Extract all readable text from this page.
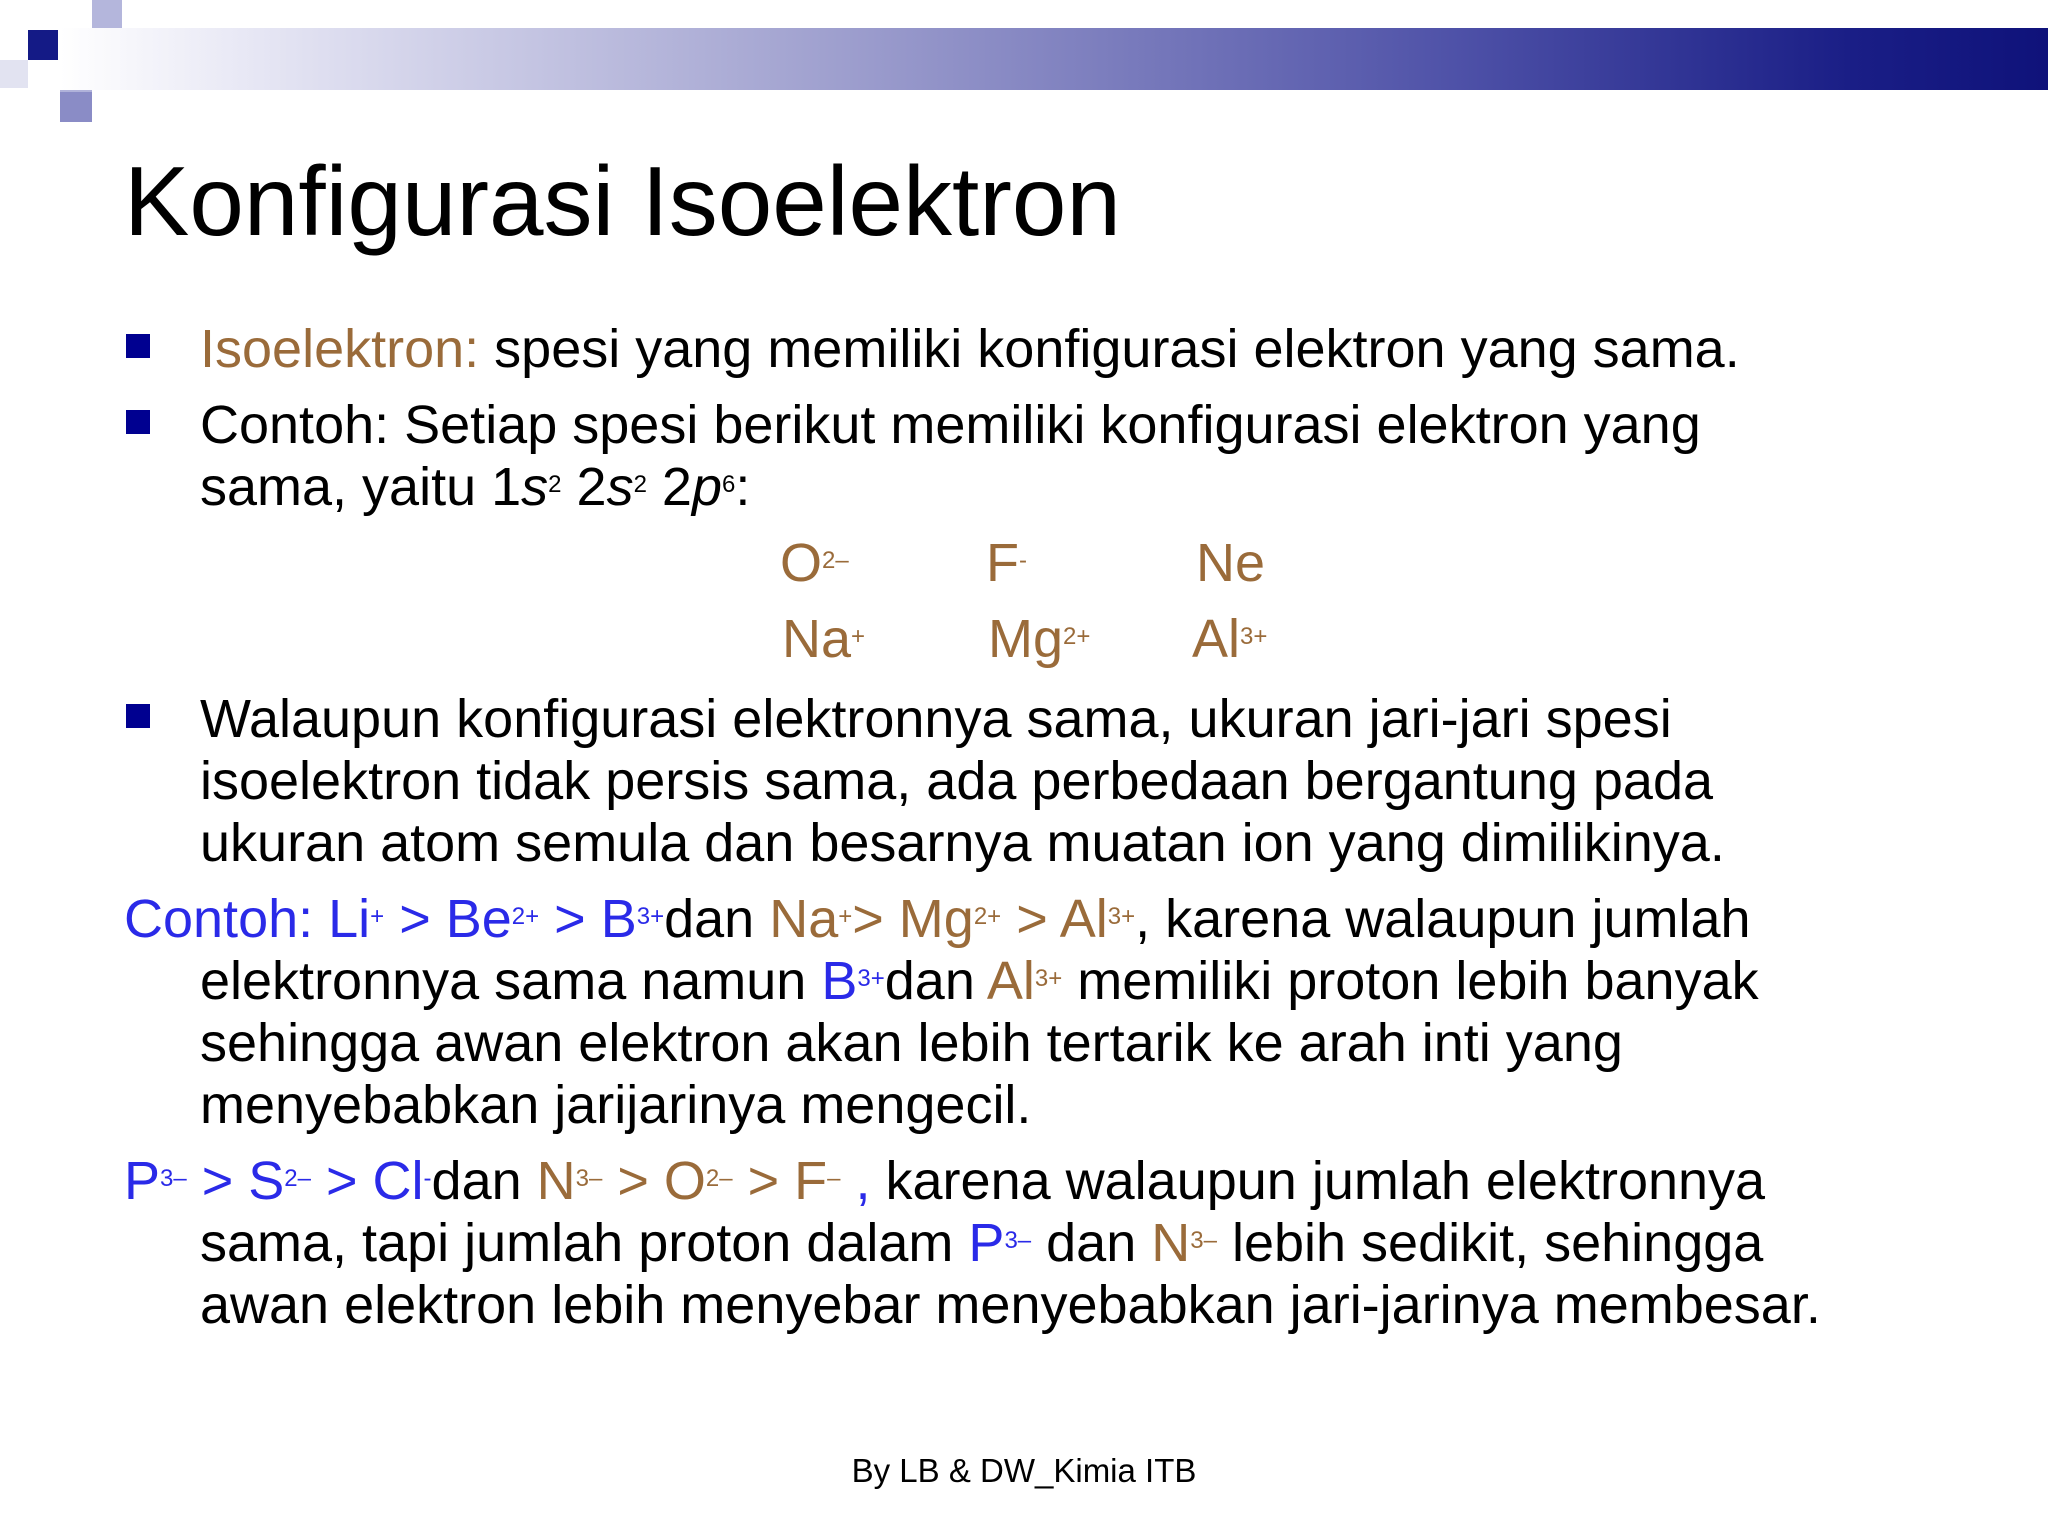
Konfigurasi Isoelektron
Isoelektron: spesi yang memiliki konfigurasi elektron yang sama.
Contoh: Setiap spesi berikut memiliki konfigurasi elektron yang
sama, yaitu $1s^2$ $2s^2$ $2p^6$:
$O^{2-}$	F-	Ne
Na+ $Mg^{2+}$ $Al^{3+}$
Walaupun konfigurasi elektronnya sama, ukuran jari-jari spesi
isoelektron tidak persis sama, ada perbedaan bergantung pada
ukuran atom semula dan besarnya muatan ion yang dimilikinya.
Contoh: $Li^+ > Be^{2+} > B^{3+}dan$ $Na^+> Mg^{2+} > Al^{3+}$, karena walaupun jumlah
elektronnya sama namun $B^{3+}dan$ $Al^{3+}$ memiliki proton lebih banyak
sehingga awan elektron akan lebih tertarik ke arah inti yang
menyebabkan jarijarinya mengecil.
$P^{3-} > S^{2-} > Cl^-dan$ $N^{3-} > O^{2-} > F^-$ , karena walaupun jumlah elektronnya
sama, tapi jumlah proton dalam $P^{3-}$ dan $N^{3-}$ lebih sedikit, sehingga
awan elektron lebih menyebar menyebabkan jari-jarinya membesar.
By LB & DW_Kimia ITB
